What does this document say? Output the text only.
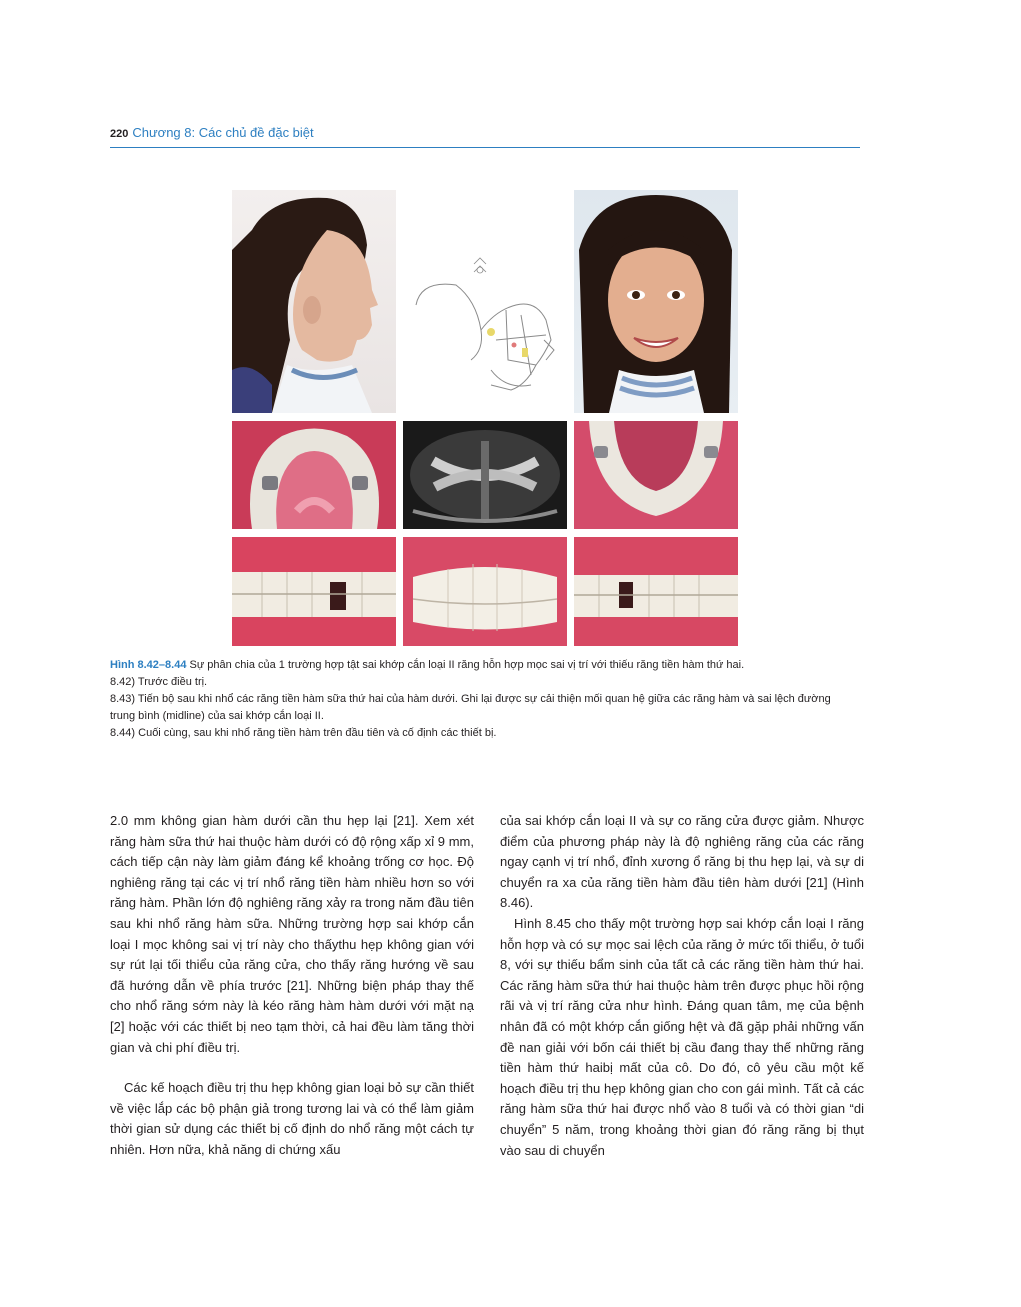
220 Chương 8: Các chủ đề đặc biệt

Hình 8.42–8.44 Sự phân chia của 1 trường hợp tật sai khớp cắn loại II răng hỗn hợp mọc sai vị trí với thiếu răng tiền hàm thứ hai.

8.42) Trước điều trị.

8.43) Tiến bộ sau khi nhổ các răng tiền hàm sữa thứ hai của hàm dưới. Ghi lại được sự cải thiện mối quan hệ giữa các răng hàm và sai lệch đường trung bình (midline) của sai khớp cắn loại II.

8.44) Cuối cùng, sau khi nhổ răng tiền hàm trên đầu tiên và cố định các thiết bị.

2.0 mm không gian hàm dưới cần thu hẹp lại [21]. Xem xét răng hàm sữa thứ hai thuộc hàm dưới có độ rộng xấp xỉ 9 mm, cách tiếp cận này làm giảm đáng kể khoảng trống cơ học. Độ nghiêng răng tại các vị trí nhổ răng tiền hàm nhiều hơn so với răng hàm. Phần lớn độ nghiêng răng xảy ra trong năm đầu tiên sau khi nhổ răng hàm sữa. Những trường hợp sai khớp cắn loại I mọc không sai vị trí này cho thấythu hẹp không gian với sự rút lại tối thiểu của răng cửa, cho thấy răng hướng về sau đã hướng dẫn về phía trước [21]. Những biện pháp thay thế cho nhổ răng sớm này là kéo răng hàm hàm dưới với mặt nạ [2] hoặc với các thiết bị neo tạm thời, cả hai đều làm tăng thời gian và chi phí điều trị.

Các kế hoạch điều trị thu hẹp không gian loại bỏ sự cần thiết về việc lắp các bộ phận giả trong tương lai và có thể làm giảm thời gian sử dụng các thiết bị cố định do nhổ răng một cách tự nhiên. Hơn nữa, khả năng di chứng xấu

của sai khớp cắn loại II và sự co răng cửa được giảm. Nhược điểm của phương pháp này là độ nghiêng răng của các răng ngay cạnh vị trí nhổ, đỉnh xương ổ răng bị thu hẹp lại, và sự di chuyển ra xa của răng tiền hàm đầu tiên hàm dưới [21] (Hình 8.46).

Hình 8.45 cho thấy một trường hợp sai khớp cắn loại I răng hỗn hợp và có sự mọc sai lệch của răng ở mức tối thiểu, ở tuổi 8, với sự thiếu bẩm sinh của tất cả các răng tiền hàm thứ hai. Các răng hàm sữa thứ hai thuộc hàm trên được phục hồi rộng rãi và vị trí răng cửa như hình. Đáng quan tâm, mẹ của bệnh nhân đã có một khớp cắn giống hệt và đã gặp phải những vấn đề nan giải với bốn cái thiết bị cầu đang thay thế những răng tiền hàm thứ haibị mất của cô. Do đó, cô yêu cầu một kế hoạch điều trị thu hẹp không gian cho con gái mình. Tất cả các răng hàm sữa thứ hai được nhổ vào 8 tuổi và có thời gian “di chuyển” 5 năm, trong khoảng thời gian đó răng răng bị thụt vào sau di chuyển
